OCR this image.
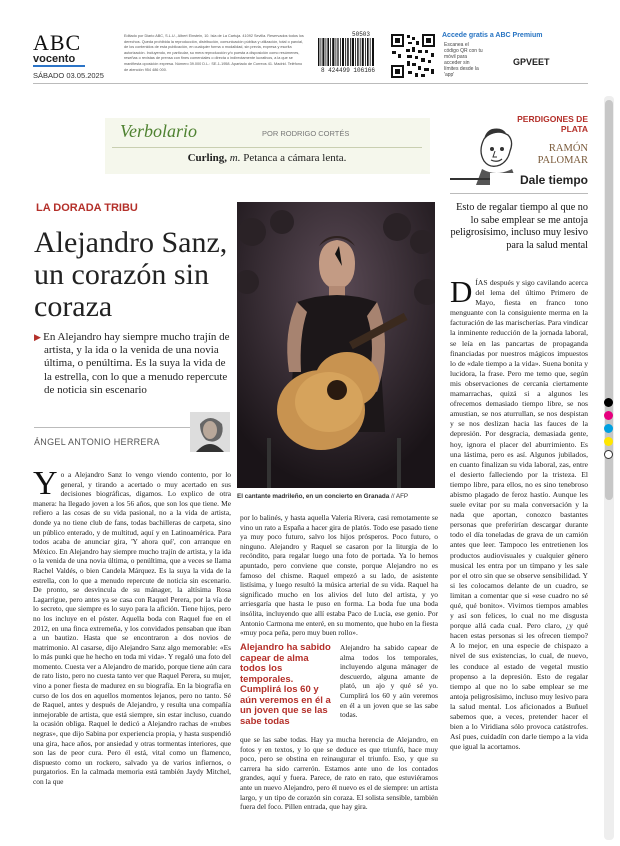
ABC
vocento
SÁBADO 03.05.2025
Editado por Diario ABC, S.L.U., Albert Einstein, 10. Isla de La Cartuja. 41092 Sevilla. Reservados todos los derechos. Queda prohibida la reproducción, distribución, comunicación pública y utilización, total o parcial, de los contenidos de esta publicación, en cualquier forma o modalidad, sin previa, expresa y escrita autorización. Incluyendo, en particular, su mera reproducción y/o puesta a disposición como resúmenes, reseñas o revistas de prensa con fines comerciales o directa o indirectamente lucrativos, a la que se manifiesta oposición expresa. Número 39.000 D.L.: SE-1-1958. Apartado de Correos 41. Madrid. Teléfono de atención 954 486 000.
50503
8 424499 106166
Accede gratis a ABC Premium
Escanea el código QR con tu móvil para acceder sin límites desde la 'app'
GPVEET
Verbolario	POR RODRIGO CORTÉS
Curling, m. Petanca a cámara lenta.
PERDIGONES DE PLATA
RAMÓN PALOMAR
Dale tiempo
Esto de regalar tiempo al que no lo sabe emplear se me antoja peligrosísimo, incluso muy lesivo para la salud mental
DÍAS después y sigo cavilando acerca del lema del último Primero de Mayo, fiesta en franco tono menguante con la consiguiente merma en la facturación de las marischerías. Para vindicar la inminente reducción de la jornada laboral, se leía en las pancartas de propaganda financiadas por nuestros mágicos impuestos lo de «dale tiempo a la vida». Suena bonita y lucidora, la frase. Pero me temo que, según mis observaciones de cercanía ciertamente mamarrachas, quizá si a algunos les ofrecemos demasiado tiempo libre, se nos amustian, se nos aturrullan, se nos despistan y se nos deslizan hacia las fauces de la depresión. Por desgracia, demasiada gente, hoy, ignora el placer del aburrimiento. Es una lástima, pero es así. Algunos jubilados, en cuanto finalizan su vida laboral, zas, entre el desierto falleciendo por la tristeza. El tiempo libre, para ellos, no es sino tenebroso abismo plagado de feroz hastío. Aunque les suele evitar por su mala conversación y la nada que aportan, conozco bastantes personas que preferirían descargar durante todo el día toneladas de grava de un camión antes que leer. Tampoco les entretienen los productos audiovisuales y cualquier género musical les entra por un tímpano y les sale por el otro sin que se observe sensibilidad. Y si les colocamos delante de un cuadro, se limitan a comentar que si «ese cuadro no sé qué, qué bonito». Vivimos tiempos amables y así son felices, lo cual no me disgusta porque allá cada cual. Pero claro, ¿y qué hacen estas personas si les ofrecen tiempo? A lo mejor, en una especie de chispazo a nivel de sus existencias, lo cual, de nuevo, les conduce al estado de vegetal mustio propenso a la depresión. Esto de regalar tiempo al que no lo sabe emplear se me antoja peligrosísimo, incluso muy lesivo para la salud mental. Los aficionados a Buñuel sabemos que, a veces, pretender hacer el bien a lo Viridiana sólo provoca catástrofes. Así pues, cuidadín con darle tiempo a la vida que igual la acortamos.
LA DORADA TRIBU
Alejandro Sanz, un corazón sin coraza
▶ En Alejandro hay siempre mucho trajín de artista, y la ida o la venida de una novia última, o penúltima. Es la suya la vida de la estrella, con lo que a menudo repercute de noticia sin escenario
ÁNGEL ANTONIO HERRERA
El cantante madrileño, en un concierto en Granada // AFP
Yo a Alejandro Sanz lo vengo viendo contento, por lo general, y tirando a acertado o muy acertado en sus decisiones biográficas, digamos. Lo explico de otra manera: ha llegado joven a los 56 años, que son los que tiene. Me refiero a las cosas de su vida pasional, no a la vida de artista, donde ya no tiene club de fans, todas bachilleras de carpeta, sino un público enterado, y de multitud, aquí y en Latinoamérica. Para todos acaba de anunciar gira, 'Y ahora qué', con arranque en México. En Alejandro hay siempre mucho trajín de artista, y la ida o la venida de una novia última, o penúltima, que a veces se llama Rachel Valdés, o bien Candela Márquez. Es la suya la vida de la estrella, con lo que a menudo repercute de noticia sin escenario. De pronto, se desvincula de su mánager, la altísima Rosa Lagarrigue, pero antes ya se casa con Raquel Perera, por la vía de lo secreto, que siempre es lo suyo para la afición. Tiene hijos, pero no los incluye en el póster. Aquella boda con Raquel fue en el 2012, en una finca extremeña, y los convidados pensaban que iban a un bautizo. Hasta que se encontraron a dos novios de matrimonio. Al casarse, dijo Alejandro Sanz algo memorable: «Es lo más punki que he hecho en toda mi vida». Y regaló una foto del momento. Cuesta ver a Alejandro de marido, porque tiene aún cara de rato listo, pero no cuesta tanto ver que Raquel Perera, su mujer, vino a poner fiesta de madurez en su biografía. En la biografía en curso de los dos en aquellos momentos lejanos, pero no tanto. Sé de Raquel, antes y después de Alejandro, y resulta una compañía inmejorable de artista, que está siempre, sin estar incluso, cuando la ocasión obliga. Raquel le dedicó a Alejandro rachas de «nubes negras», que dijo Sabina por experiencia propia, y hasta suspendió una gira, hace años, por ansiedad y otras tormentas interiores, que son las de peor cura. Pero él está, vital como un flamenco, dispuesto como un rockero, salvado ya de varios infiernos, o purgatorios. En la calmada memoria está también Jaydy Mitchel, con la que
por lo balinés, y hasta aquella Valeria Rivera, casi remotamente se vino un rato a España a hacer gira de platós. Todo ese pasado tiene ya muy poco futuro, salvo los hijos prósperos. Poco futuro, o ninguno. Alejandro y Raquel se casaron por la liturgia de lo recóndito, para regalar luego una foto de portada. Ya lo hemos apuntado, pero conviene que conste, porque Alejandro no es famoso del chisme. Raquel empezó a su lado, de asistente listísima, y luego resultó la música arterial de su vida. Raquel ha significado mucho en los alivios del luto del artista, y yo arriesgaría que hasta le puso en forma. La boda fue una boda insólita, incluyendo que allí estaba Paco de Lucía, ese genio. Por Antonio Carmona me enteré, en su momento, que hubo en la fiesta «muy poca peña, pero muy buen rollo».
Alejandro ha sabido capear de alma todos los temporales. Cumplirá los 60 y aún veremos en él a un joven que se las sabe todas
Alejandro ha sabido capear de alma todos los temporales, incluyendo alguna mánager de descuerdo, alguna amante de plató, un ajo y qué sé yo. Cumplirá los 60 y aún veremos en él a un joven que se las sabe todas.
que se las sabe todas. Hay ya mucha herencia de Alejandro, en fotos y en textos, y lo que se deduce es que triunfó, hace muy poco, pero se obstina en reinaugurar el triunfo. Eso, y que su carrera ha sido carrerón. Estamos ante uno de los contados grandes, aquí y fuera. Parece, de rato en rato, que estuviéramos ante un nuevo Alejandro, pero él nuevo es el de siempre: un artista largo, y un tipo de corazón sin coraza. El solista sensible, también fuera del foco. Pillen entrada, que hay gira.
